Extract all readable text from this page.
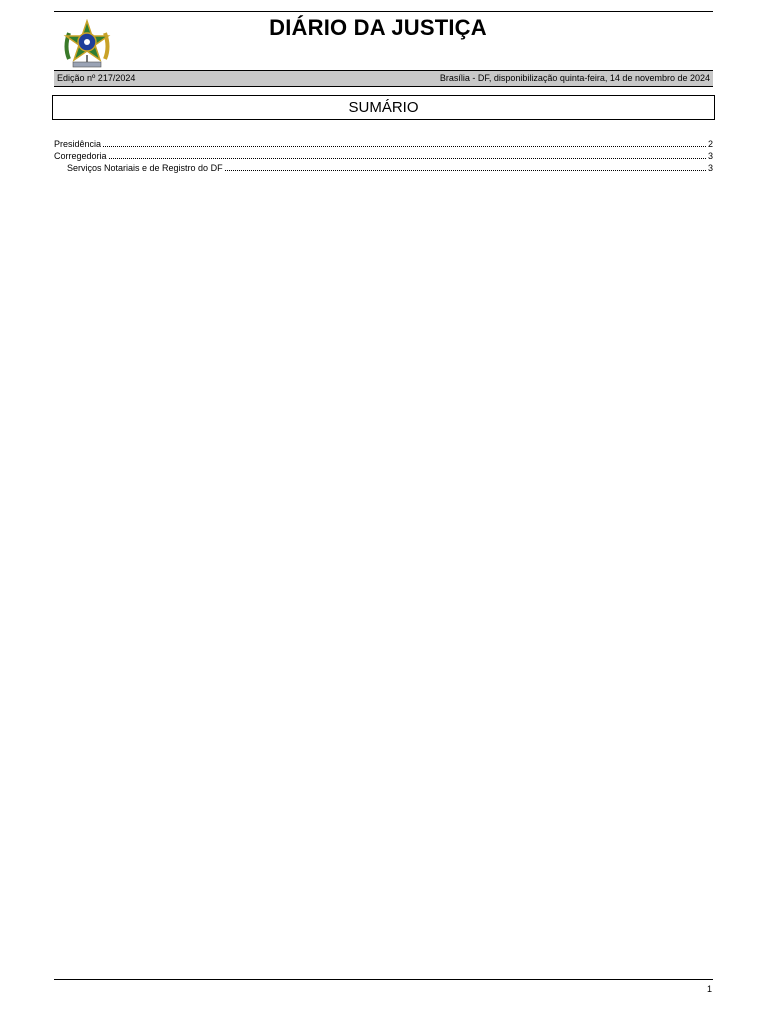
DIÁRIO DA JUSTIÇA
Edição nº 217/2024	Brasília - DF, disponibilização quinta-feira, 14 de novembro de 2024
SUMÁRIO
Presidência	2
Corregedoria	3
Serviços Notariais e de Registro do DF	3
1
